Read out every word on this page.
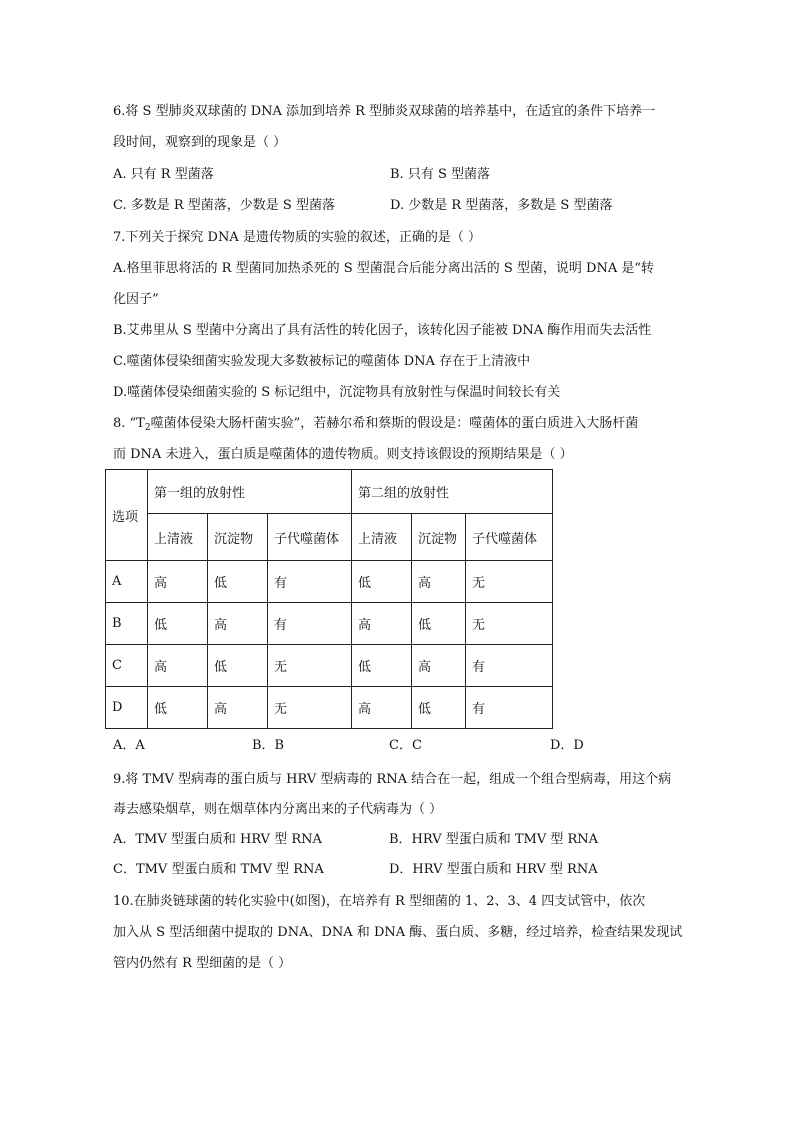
6.将 S 型肺炎双球菌的 DNA 添加到培养 R 型肺炎双球菌的培养基中，在适宜的条件下培养一
段时间，观察到的现象是（ ）
A. 只有 R 型菌落	B. 只有 S 型菌落
C. 多数是 R 型菌落，少数是 S 型菌落	D. 少数是 R 型菌落，多数是 S 型菌落
7.下列关于探究 DNA 是遗传物质的实验的叙述，正确的是（ ）
A.格里菲思将活的 R 型菌同加热杀死的 S 型菌混合后能分离出活的 S 型菌，说明 DNA 是“转
化因子”
B.艾弗里从 S 型菌中分离出了具有活性的转化因子，该转化因子能被 DNA 酶作用而失去活性
C.噬菌体侵染细菌实验发现大多数被标记的噬菌体 DNA 存在于上清液中
D.噬菌体侵染细菌实验的 S 标记组中，沉淀物具有放射性与保温时间较长有关
8. “$T_2$噬菌体侵染大肠杆菌实验”，若赫尔希和蔡斯的假设是：噬菌体的蛋白质进入大肠杆菌
而 DNA 未进入，蛋白质是噬菌体的遗传物质。则支持该假设的预期结果是（ ）
选项	第一组的放射性			第二组的放射性		
	上清液	沉淀物	子代噬菌体	上清液	沉淀物	子代噬菌体
A	高	低	有	低	高	无
B	低	高	有	高	低	无
C	高	低	无	低	高	有
D	低	高	无	高	低	有
A．A	B．B	C．C	D．D
9.将 TMV 型病毒的蛋白质与 HRV 型病毒的 RNA 结合在一起，组成一个组合型病毒，用这个病
毒去感染烟草，则在烟草体内分离出来的子代病毒为（ ）
A．TMV 型蛋白质和 HRV 型 RNA	B．HRV 型蛋白质和 TMV 型 RNA
C．TMV 型蛋白质和 TMV 型 RNA	D．HRV 型蛋白质和 HRV 型 RNA
10.在肺炎链球菌的转化实验中(如图)，在培养有 R 型细菌的 1、2、3、4 四支试管中，依次
加入从 S 型活细菌中提取的 DNA、DNA 和 DNA 酶、蛋白质、多糖，经过培养，检查结果发现试
管内仍然有 R 型细菌的是（ ）
